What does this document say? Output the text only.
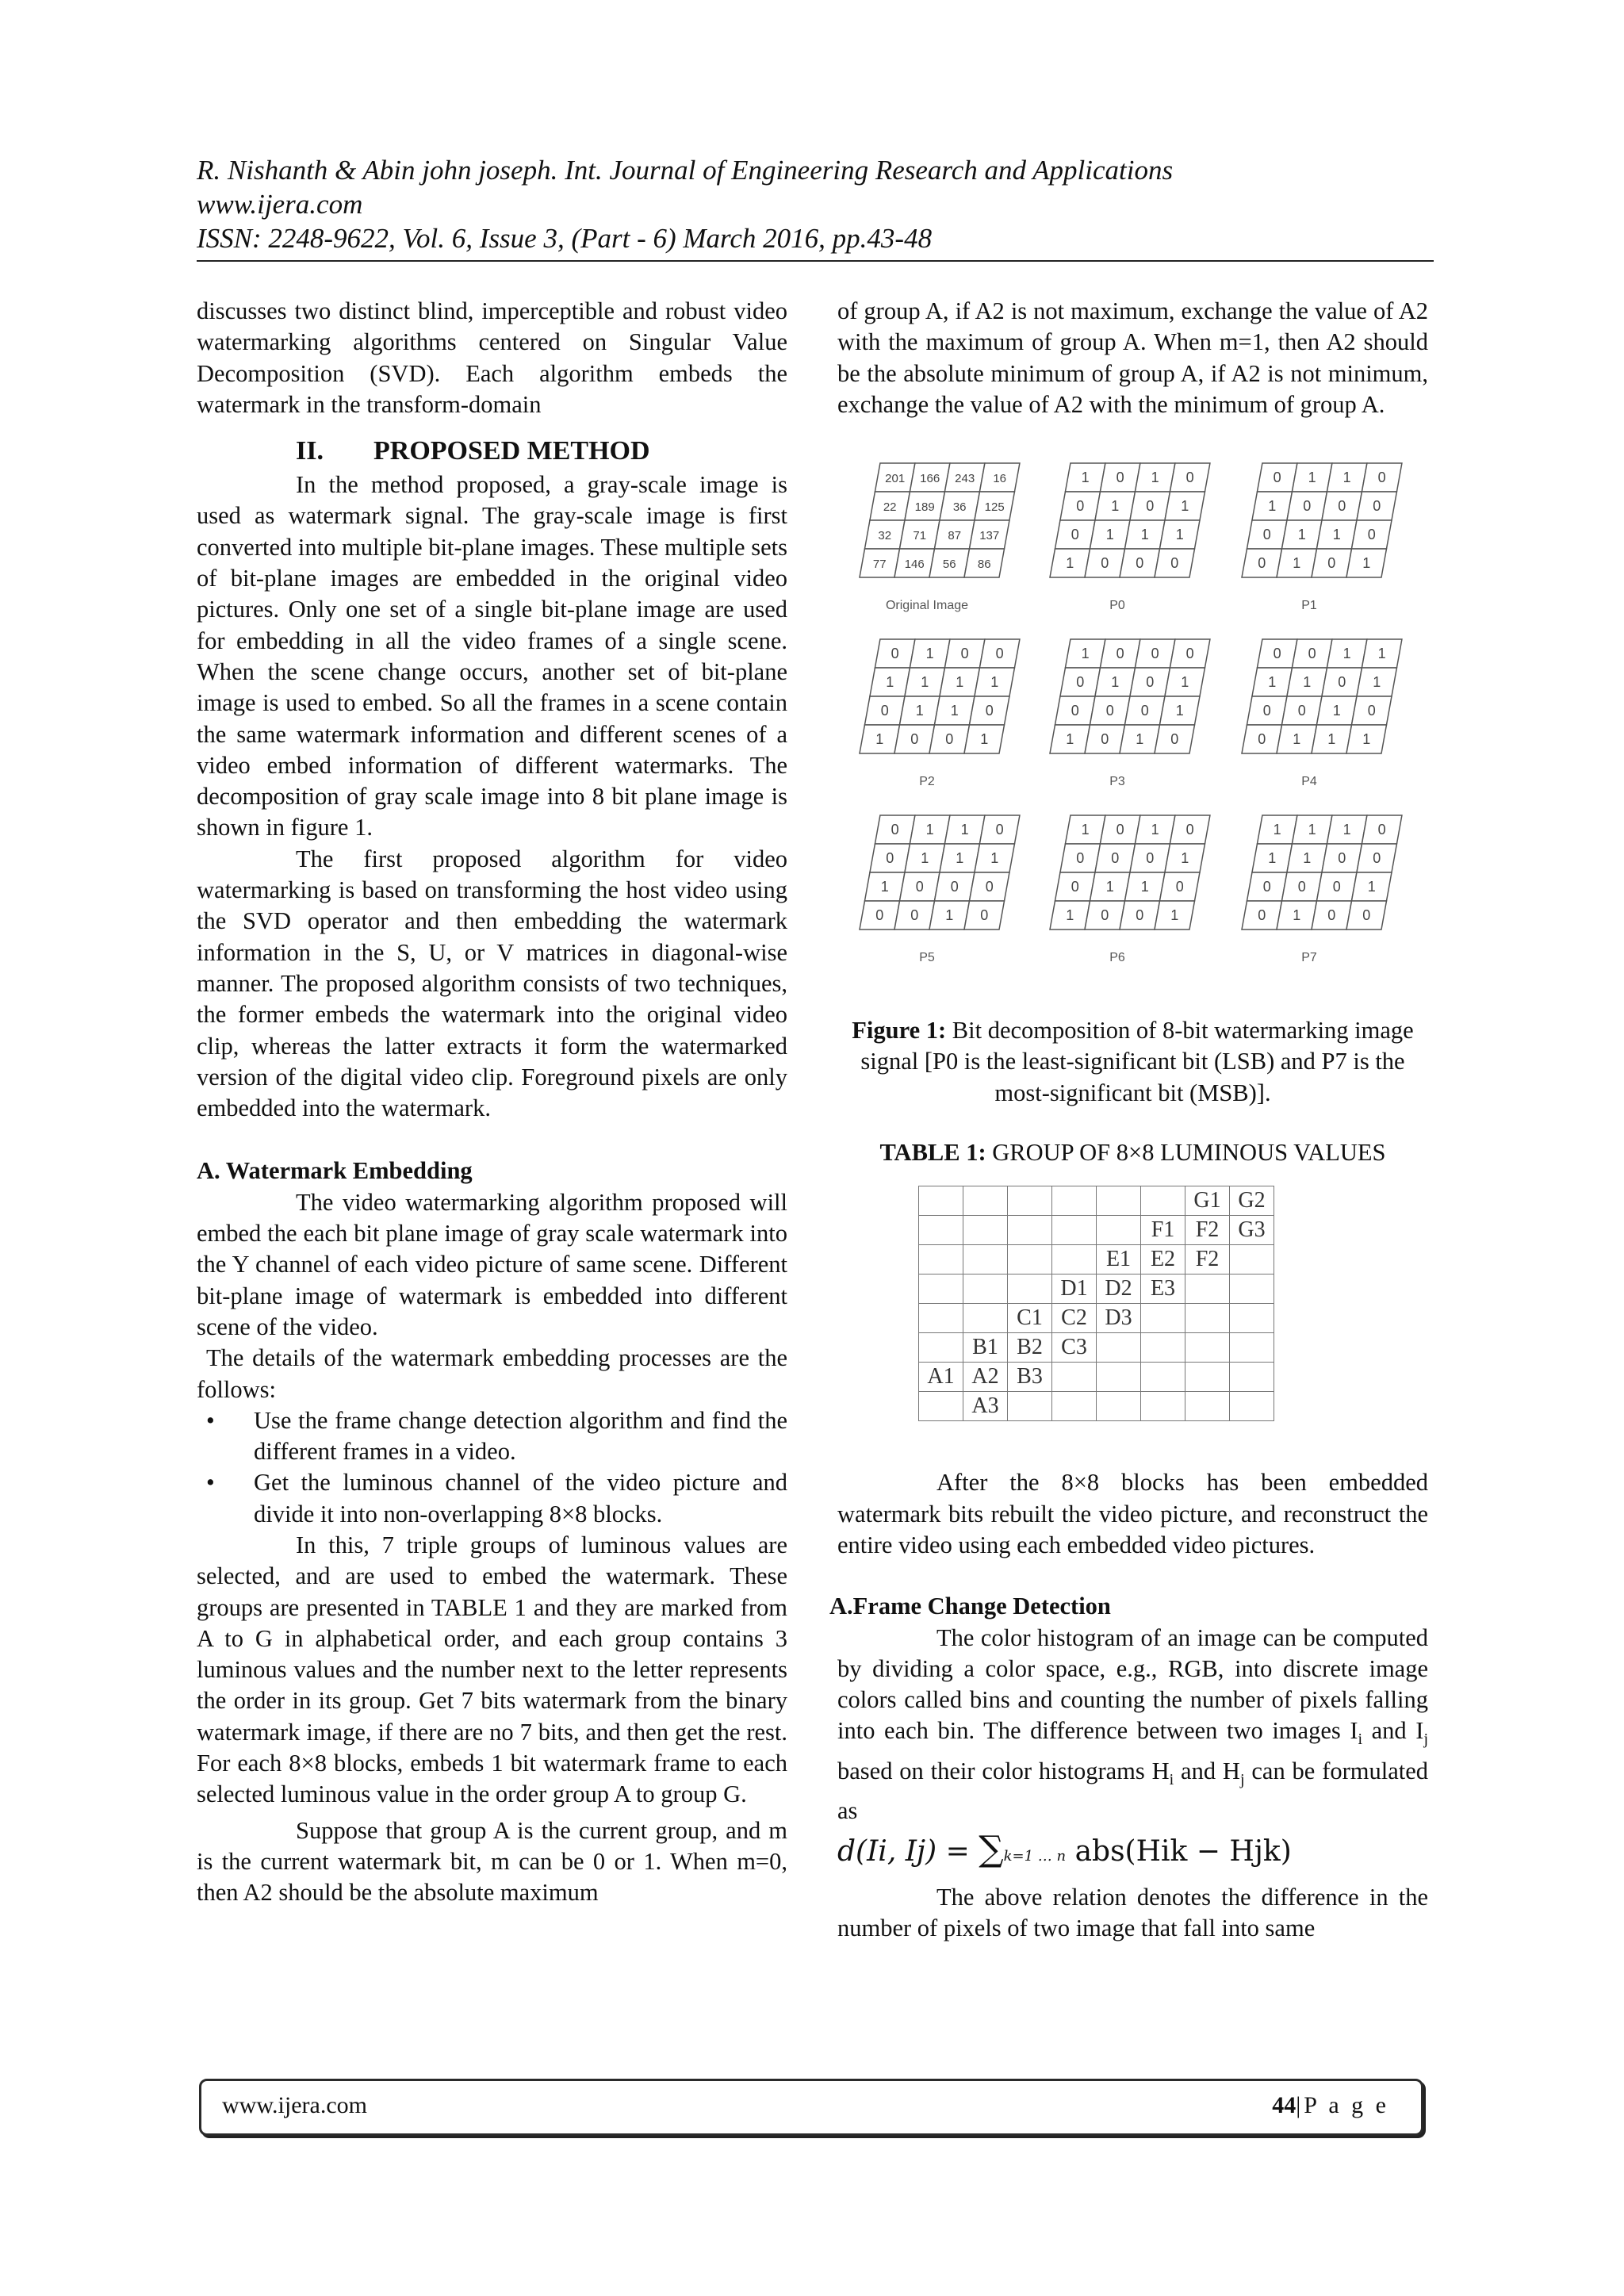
R. Nishanth & Abin john joseph. Int. Journal of Engineering Research and Applications
www.ijera.com
ISSN: 2248-9622, Vol. 6, Issue 3, (Part - 6) March 2016, pp.43-48

discusses two distinct blind, imperceptible and robust video watermarking algorithms centered on Singular Value Decomposition (SVD). Each algorithm embeds the watermark in the transform-domain

II. PROPOSED METHOD

In the method proposed, a gray-scale image is used as watermark signal. The gray-scale image is first converted into multiple bit-plane images. These multiple sets of bit-plane images are embedded in the original video pictures. Only one set of a single bit-plane image are used for embedding in all the video frames of a single scene. When the scene change occurs, another set of bit-plane image is used to embed. So all the frames in a scene contain the same watermark information and different scenes of a video embed information of different watermarks. The decomposition of gray scale image into 8 bit plane image is shown in figure 1.

The first proposed algorithm for video watermarking is based on transforming the host video using the SVD operator and then embedding the watermark information in the S, U, or V matrices in diagonal-wise manner. The proposed algorithm consists of two techniques, the former embeds the watermark into the original video clip, whereas the latter extracts it form the watermarked version of the digital video clip. Foreground pixels are only embedded into the watermark.

A. Watermark Embedding

The video watermarking algorithm proposed will embed the each bit plane image of gray scale watermark into the Y channel of each video picture of same scene. Different bit-plane image of watermark is embedded into different scene of the video.

The details of the watermark embedding processes are the follows:

•	Use the frame change detection algorithm and find the different frames in a video.
•	Get the luminous channel of the video picture and divide it into non-overlapping 8×8 blocks.

In this, 7 triple groups of luminous values are selected, and are used to embed the watermark. These groups are presented in TABLE 1 and they are marked from A to G in alphabetical order, and each group contains 3 luminous values and the number next to the letter represents the order in its group. Get 7 bits watermark from the binary watermark image, if there are no 7 bits, and then get the rest. For each 8×8 blocks, embeds 1 bit watermark frame to each selected luminous value in the order group A to group G.

Suppose that group A is the current group, and m is the current watermark bit, m can be 0 or 1. When m=0, then A2 should be the absolute maximum

of group A, if A2 is not maximum, exchange the value of A2 with the maximum of group A. When m=1, then A2 should be the absolute minimum of group A, if A2 is not minimum, exchange the value of A2 with the minimum of group A.

201 166 243 16
22 189 36 125
32 71 87 137
77 146 56 86
Original Image
1 0 1 0
0 1 0 1
0 1 1 1
1 0 0 0
P0
0 1 1 0
1 0 0 0
0 1 1 0
0 1 0 1
P1
0 1 0 0
1 1 1 1
0 1 1 0
1 0 0 1
P2
1 0 0 0
0 1 0 1
0 0 0 1
1 0 1 0
P3
0 0 1 1
1 1 0 1
0 0 1 0
0 1 1 1
P4
0 1 1 0
0 1 1 1
1 0 0 0
0 0 1 0
P5
1 0 1 0
0 0 0 1
0 1 1 0
1 0 0 1
P6
1 1 1 0
1 1 0 0
0 0 0 1
0 1 0 0
P7
Figure 1: Bit decomposition of 8-bit watermarking image signal [P0 is the least-significant bit (LSB) and P7 is the most-significant bit (MSB)].
TABLE 1: GROUP OF 8×8 LUMINOUS VALUES
						G1	G2
					F1	F2	G3
				E1	E2	F2	
			D1	D2	E3		
		C1	C2	D3			
	B1	B2	C3				
A1	A2	B3					
	A3						

After the 8×8 blocks has been embedded watermark bits rebuilt the video picture, and reconstruct the entire video using each embedded video pictures.

A.Frame Change Detection

The color histogram of an image can be computed by dividing a color space, e.g., RGB, into discrete image colors called bins and counting the number of pixels falling into each bin. The difference between two images $I_i$ and $I_j$ based on their color histograms $H_i$ and $H_j$ can be formulated as

d(Ii, Ij) = ∑k=1 … n abs(Hik − Hjk)

The above relation denotes the difference in the number of pixels of two image that fall into same

www.ijera.com	44|P a g e
